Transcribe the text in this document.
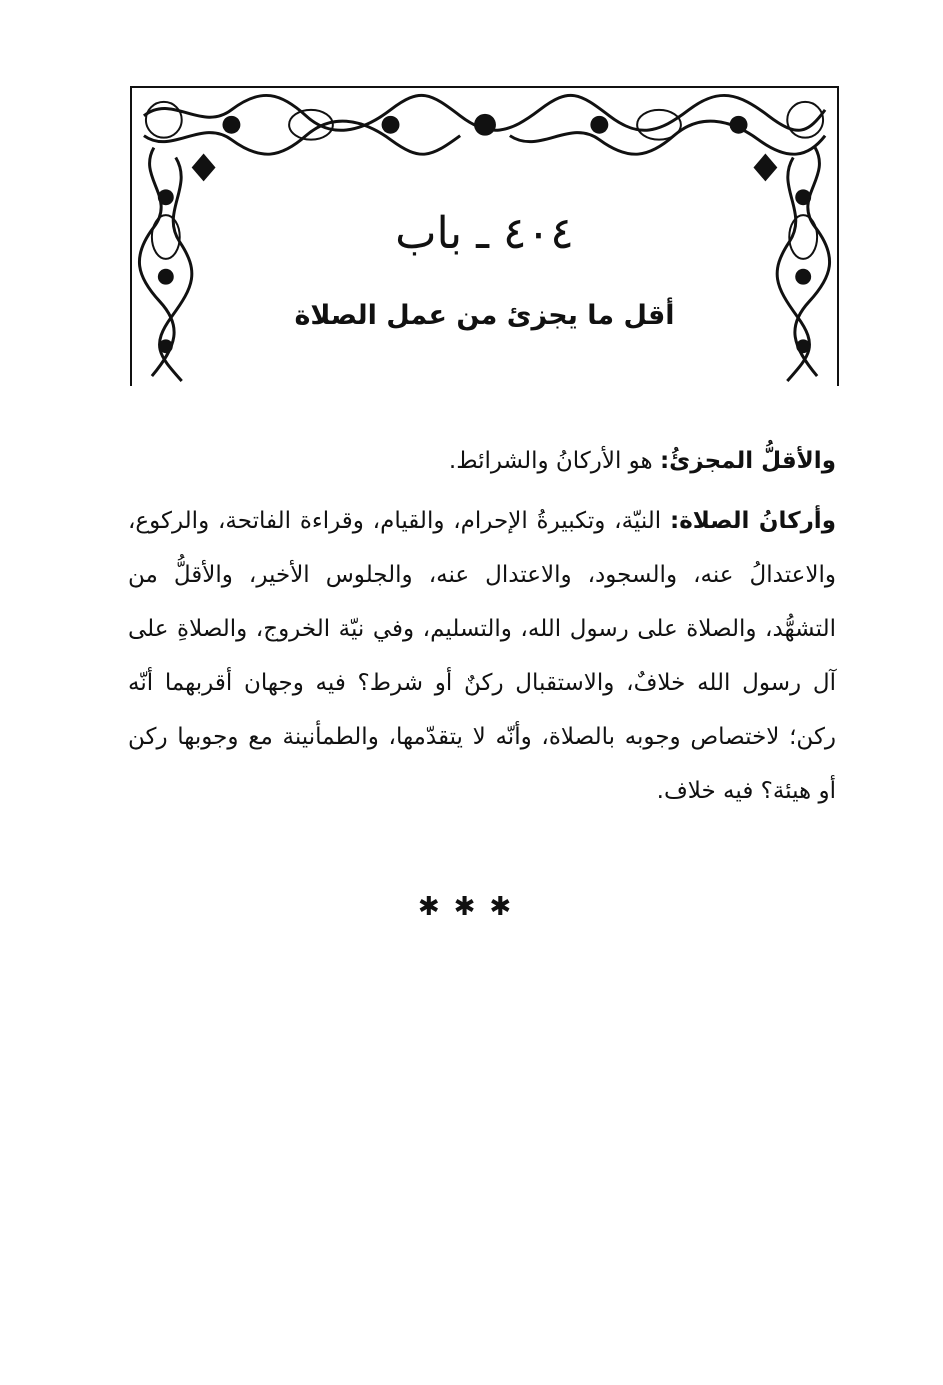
٤٠٤ ـ باب
أقل ما يجزئ من عمل الصلاة

والأقلُّ المجزئُ: هو الأركانُ والشرائط.

وأركانُ الصلاة: النيّة، وتكبيرةُ الإحرام، والقيام، وقراءة الفاتحة، والركوع، والاعتدالُ عنه، والسجود، والاعتدال عنه، والجلوس الأخير، والأقلُّ من التشهُّد، والصلاة على رسول الله، والتسليم، وفي نيّة الخروج، والصلاةِ على آل رسول الله خلافٌ، والاستقبال ركنٌ أو شرط؟ فيه وجهان أقربهما أنّه ركن؛ لاختصاص وجوبه بالصلاة، وأنّه لا يتقدّمها، والطمأنينة مع وجوبها ركن أو هيئة؟ فيه خلاف.

✱✱✱
